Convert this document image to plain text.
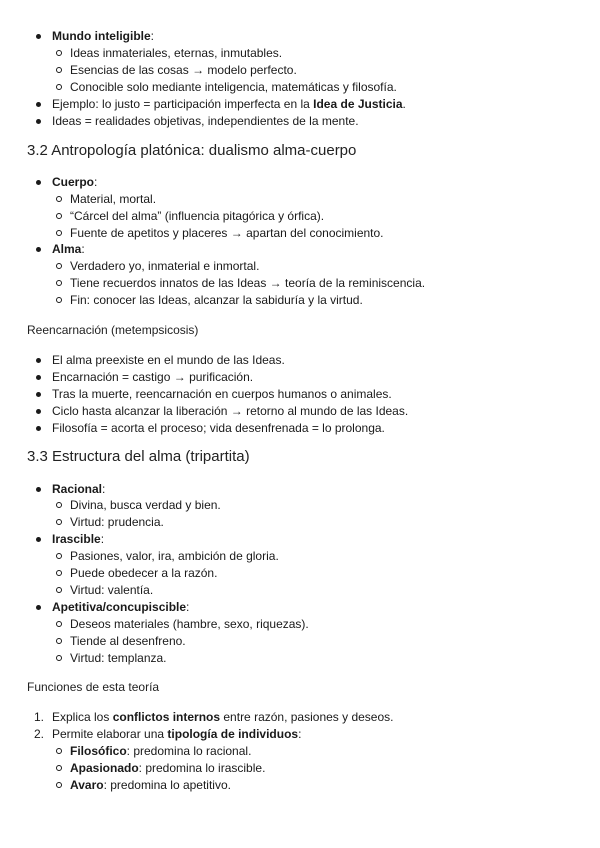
Mundo inteligible:
Ideas inmateriales, eternas, inmutables.
Esencias de las cosas → modelo perfecto.
Conocible solo mediante inteligencia, matemáticas y filosofía.
Ejemplo: lo justo = participación imperfecta en la Idea de Justicia.
Ideas = realidades objetivas, independientes de la mente.
3.2 Antropología platónica: dualismo alma-cuerpo
Cuerpo:
Material, mortal.
“Cárcel del alma” (influencia pitagórica y órfica).
Fuente de apetitos y placeres → apartan del conocimiento.
Alma:
Verdadero yo, inmaterial e inmortal.
Tiene recuerdos innatos de las Ideas → teoría de la reminiscencia.
Fin: conocer las Ideas, alcanzar la sabiduría y la virtud.
Reencarnación (metempsicosis)
El alma preexiste en el mundo de las Ideas.
Encarnación = castigo → purificación.
Tras la muerte, reencarnación en cuerpos humanos o animales.
Ciclo hasta alcanzar la liberación → retorno al mundo de las Ideas.
Filosofía = acorta el proceso; vida desenfrenada = lo prolonga.
3.3 Estructura del alma (tripartita)
Racional:
Divina, busca verdad y bien.
Virtud: prudencia.
Irascible:
Pasiones, valor, ira, ambición de gloria.
Puede obedecer a la razón.
Virtud: valentía.
Apetitiva/concupiscible:
Deseos materiales (hambre, sexo, riquezas).
Tiende al desenfreno.
Virtud: templanza.
Funciones de esta teoría
1. Explica los conflictos internos entre razón, pasiones y deseos.
2. Permite elaborar una tipología de individuos:
Filosófico: predomina lo racional.
Apasionado: predomina lo irascible.
Avaro: predomina lo apetitivo.
